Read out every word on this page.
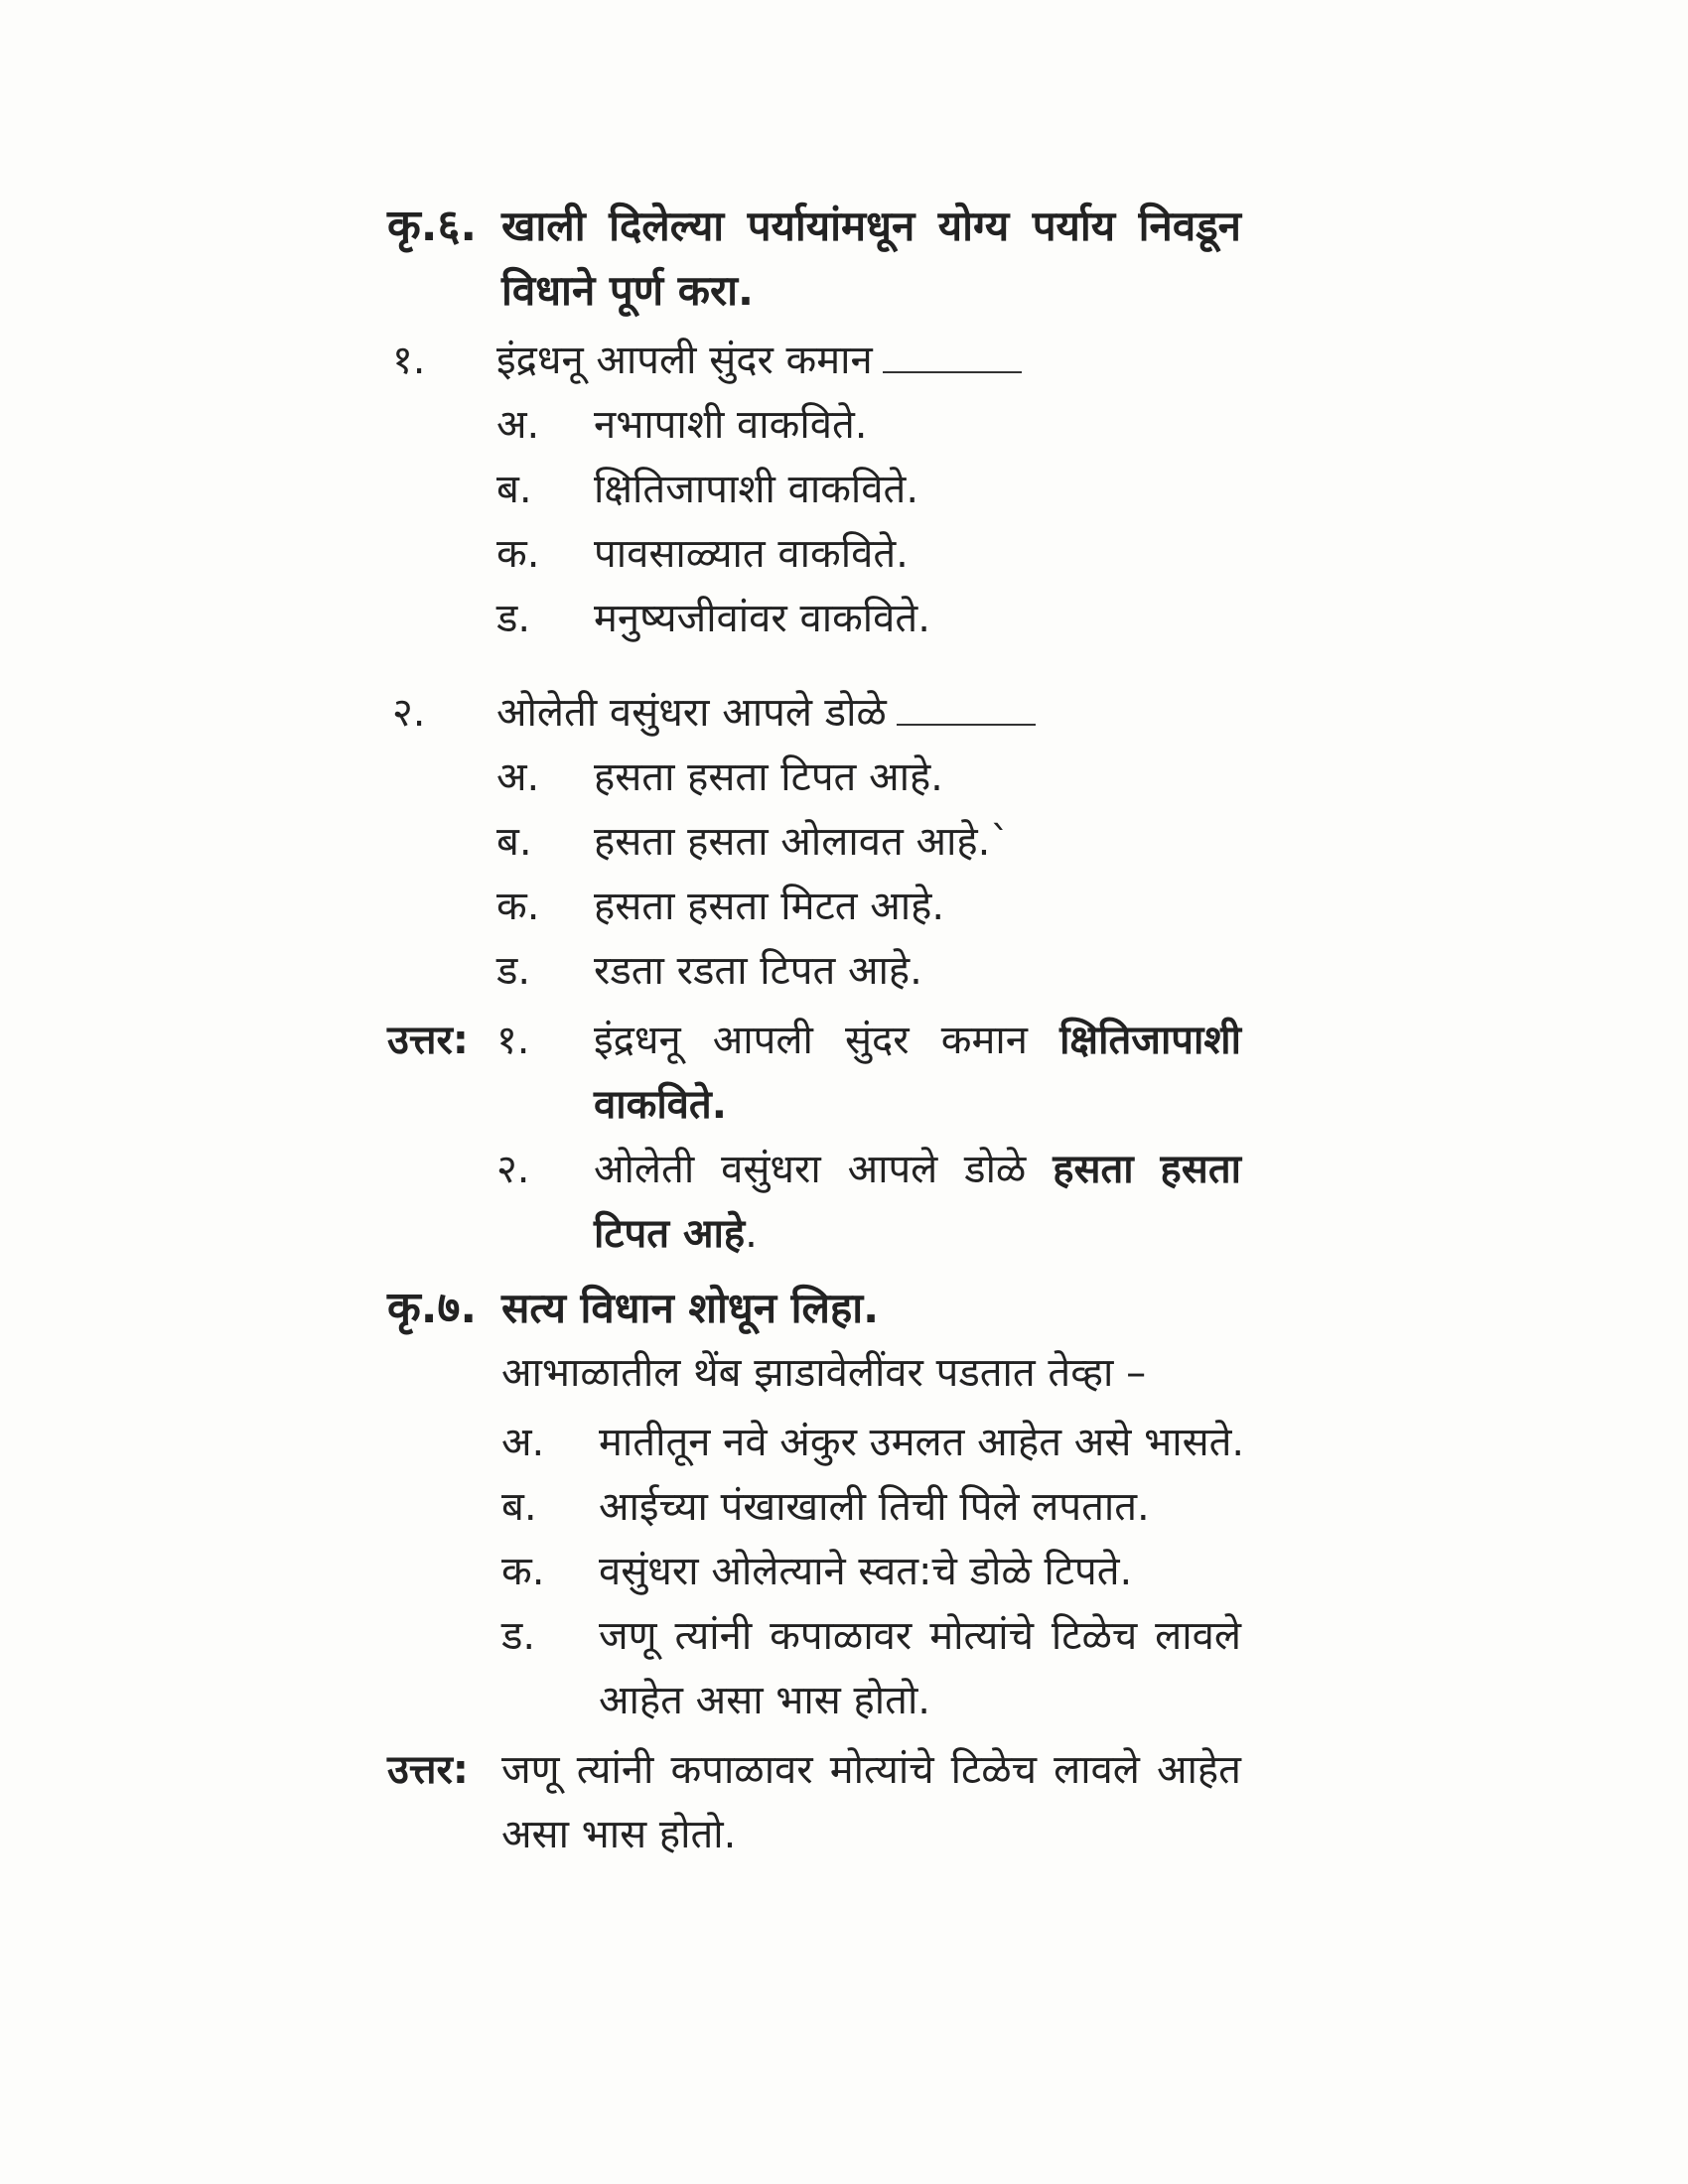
कृ.६. खाली दिलेल्या पर्यायांमधून योग्य पर्याय निवडून
विधाने पूर्ण करा.
१. इंद्रधनू आपली सुंदर कमान
अ. नभापाशी वाकविते.
ब. क्षितिजापाशी वाकविते.
क. पावसाळ्यात वाकविते.
ड. मनुष्यजीवांवर वाकविते.
२. ओलेती वसुंधरा आपले डोळे
अ. हसता हसता टिपत आहे.
ब. हसता हसता ओलावत आहे.`
क. हसता हसता मिटत आहे.
ड. रडता रडता टिपत आहे.
उत्तर: १. इंद्रधनू आपली सुंदर कमान क्षितिजापाशी
वाकविते.
२. ओलेती वसुंधरा आपले डोळे हसता हसता
टिपत आहे.
कृ.७. सत्य विधान शोधून लिहा.
आभाळातील थेंब झाडावेलींवर पडतात तेव्हा –
अ. मातीतून नवे अंकुर उमलत आहेत असे भासते.
ब. आईच्या पंखाखाली तिची पिले लपतात.
क. वसुंधरा ओलेत्याने स्वत:चे डोळे टिपते.
ड. जणू त्यांनी कपाळावर मोत्यांचे टिळेच लावले
आहेत असा भास होतो.
उत्तर: जणू त्यांनी कपाळावर मोत्यांचे टिळेच लावले आहेत
असा भास होतो.
